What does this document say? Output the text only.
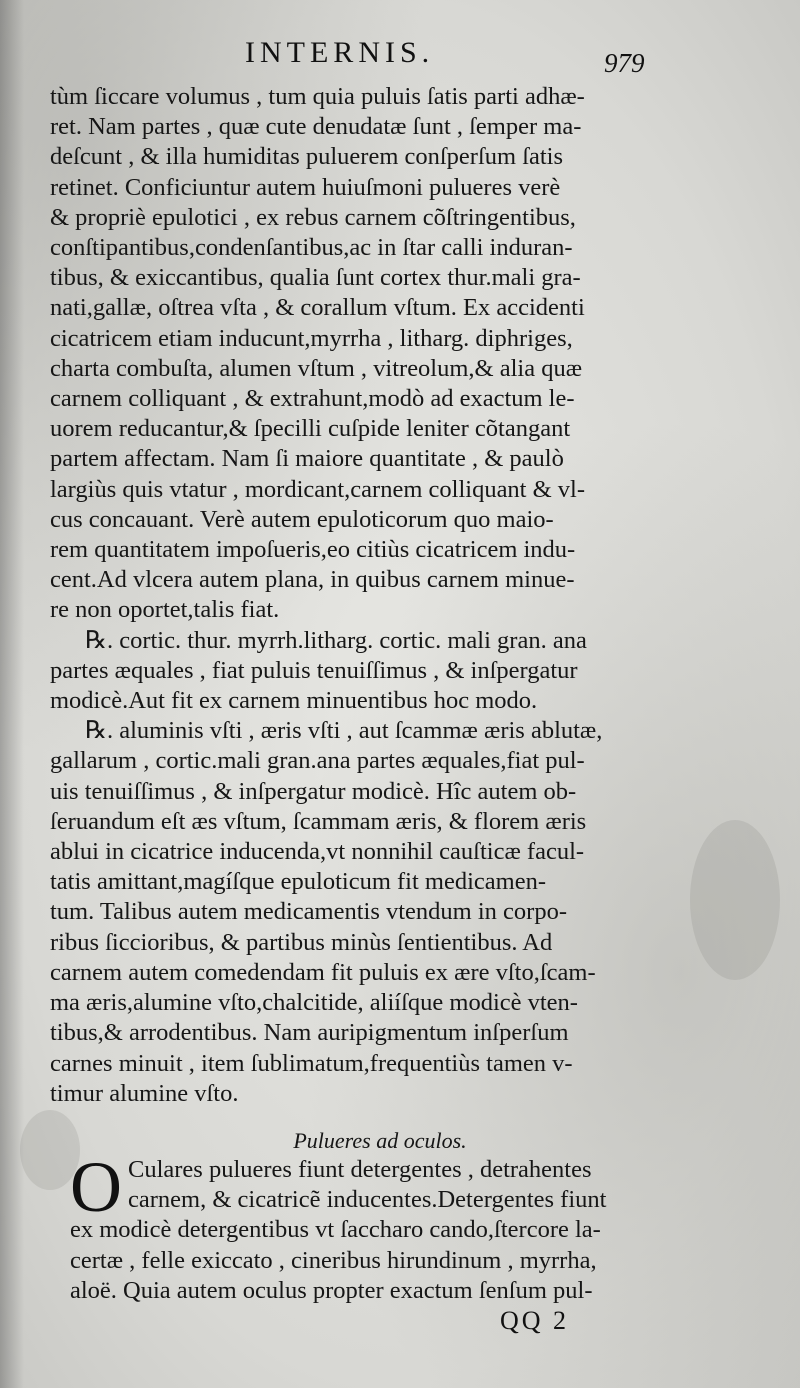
INTERNIS.	979
tùm ſiccare volumus , tum quia puluis ſatis parti adhæ-
ret. Nam partes , quæ cute denudatæ ſunt , ſemper ma-
deſcunt , & illa humiditas puluerem conſperſum ſatis
retinet. Conficiuntur autem huiuſmoni pulueres verè
& propriè epulotici , ex rebus carnem cõſtringentibus,
conſtipantibus,condenſantibus,ac in ſtar calli induran-
tibus, & exiccantibus, qualia ſunt cortex thur.mali gra-
nati,gallæ, oſtrea vſta , & corallum vſtum. Ex accidenti
cicatricem etiam inducunt,myrrha , litharg. diphriges,
charta combuſta, alumen vſtum , vitreolum,& alia quæ
carnem colliquant , & extrahunt,modò ad exactum le-
uorem reducantur,& ſpecilli cuſpide leniter cõtangant
partem affectam. Nam ſi maiore quantitate , & paulò
largiùs quis vtatur , mordicant,carnem colliquant & vl-
cus concauant. Verè autem epuloticorum quo maio-
rem quantitatem impoſueris,eo citiùs cicatricem indu-
cent.Ad vlcera autem plana, in quibus carnem minue-
re non oportet,talis fiat.
℞. cortic. thur. myrrh.litharg. cortic. mali gran. ana
partes æquales , fiat puluis tenuiſſimus , & inſpergatur
modicè.Aut fit ex carnem minuentibus hoc modo.
℞. aluminis vſti , æris vſti , aut ſcammæ æris ablutæ,
gallarum , cortic.mali gran.ana partes æquales,fiat pul-
uis tenuiſſimus , & inſpergatur modicè. Hîc autem ob-
ſeruandum eſt æs vſtum, ſcammam æris, & florem æris
ablui in cicatrice inducenda,vt nonnihil cauſticæ facul-
tatis amittant,magíſque epuloticum fit medicamen-
tum. Talibus autem medicamentis vtendum in corpo-
ribus ſiccioribus, & partibus minùs ſentientibus. Ad
carnem autem comedendam fit puluis ex ære vſto,ſcam-
ma æris,alumine vſto,chalcitide, aliíſque modicè vten-
tibus,& arrodentibus. Nam auripigmentum inſperſum
carnes minuit , item ſublimatum,frequentiùs tamen v-
timur alumine vſto.
Pulueres ad oculos.
O Culares pulueres fiunt detergentes , detrahentes
carnem, & cicatricẽ inducentes.Detergentes fiunt
ex modicè detergentibus vt ſaccharo cando,ſtercore la-
certæ , felle exiccato , cineribus hirundinum , myrrha,
aloë. Quia autem oculus propter exactum ſenſum pul-
QQ 2
